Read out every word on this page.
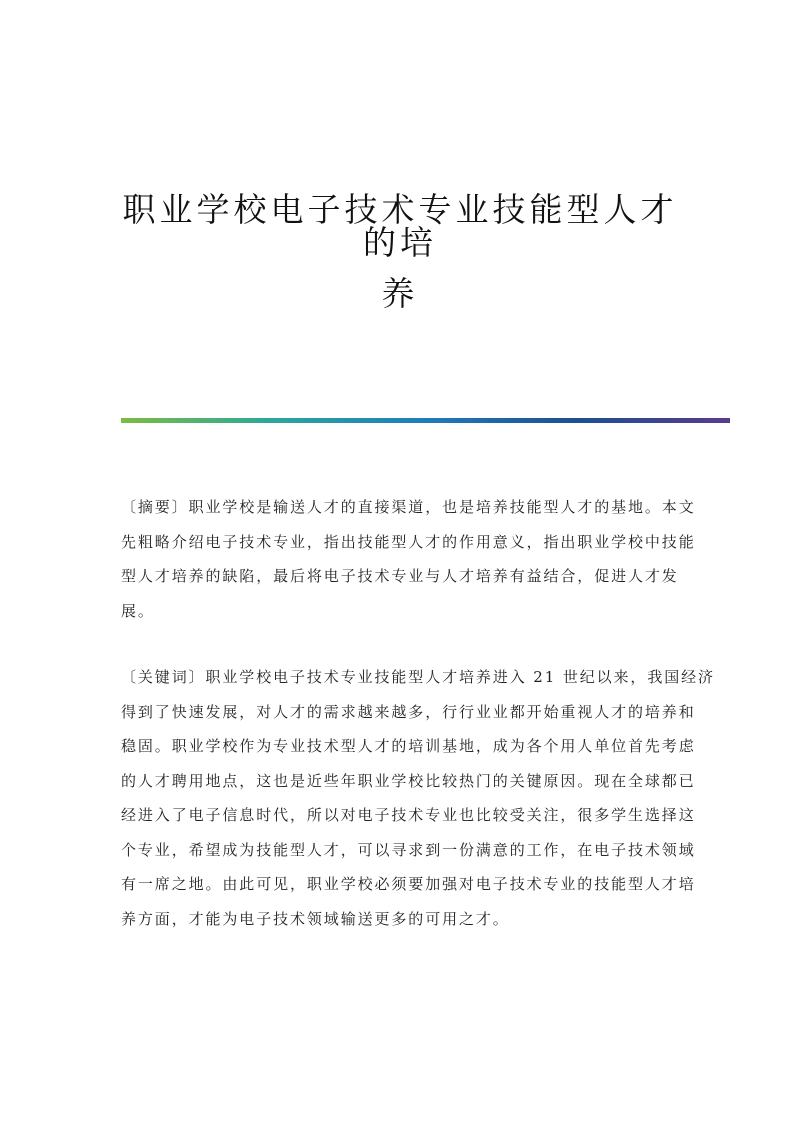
职业学校电子技术专业技能型人才的培
养
〔摘要〕职业学校是输送人才的直接渠道，也是培养技能型人才的基地。本文
先粗略介绍电子技术专业，指出技能型人才的作用意义，指出职业学校中技能
型人才培养的缺陷，最后将电子技术专业与人才培养有益结合，促进人才发
展。
〔关键词〕职业学校电子技术专业技能型人才培养进入 21 世纪以来，我国经济
得到了快速发展，对人才的需求越来越多，行行业业都开始重视人才的培养和
稳固。职业学校作为专业技术型人才的培训基地，成为各个用人单位首先考虑
的人才聘用地点，这也是近些年职业学校比较热门的关键原因。现在全球都已
经进入了电子信息时代，所以对电子技术专业也比较受关注，很多学生选择这
个专业，希望成为技能型人才，可以寻求到一份满意的工作，在电子技术领域
有一席之地。由此可见，职业学校必须要加强对电子技术专业的技能型人才培
养方面，才能为电子技术领域输送更多的可用之才。
